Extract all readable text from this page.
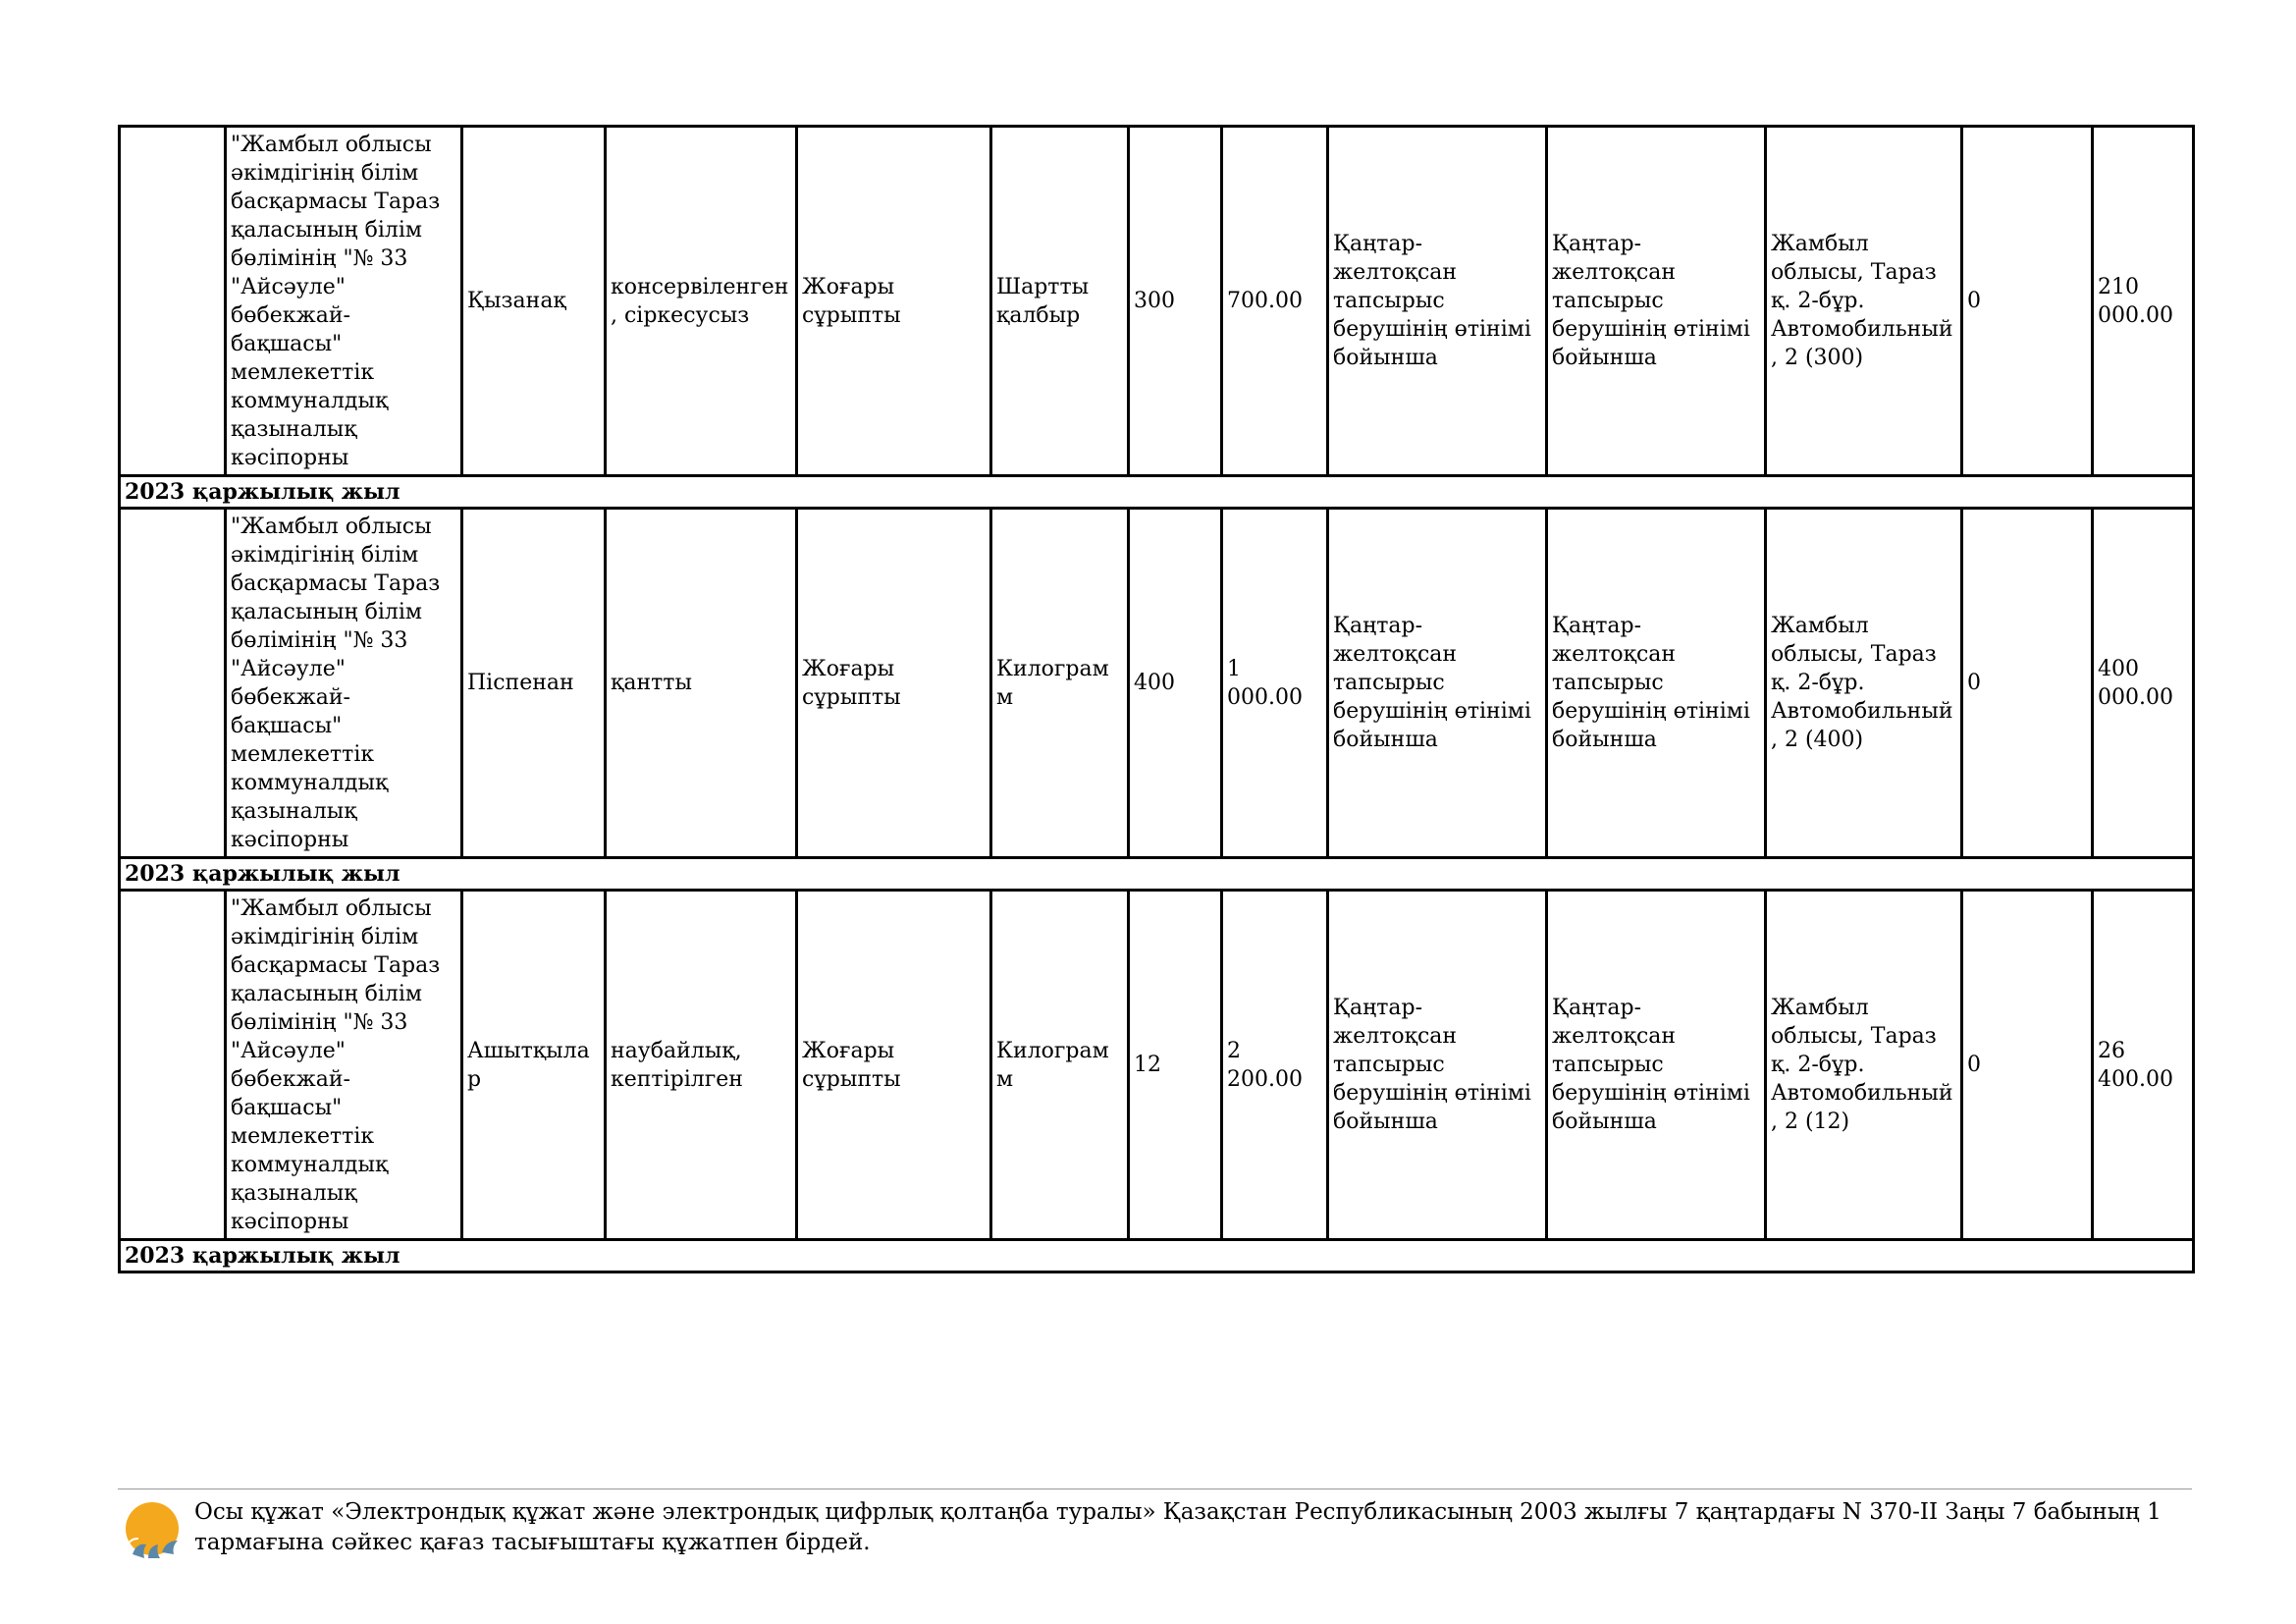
	"Жамбыл облысы әкімдігінің білім басқармасы Тараз қаласының білім бөлімінің "№ 33 "Айсәуле" бөбекжай-бақшасы" мемлекеттік коммуналдық қазыналық кәсіпорны	Қызанақ	консервіленген, сіркесусыз	Жоғары сұрыпты	Шартты қалбыр	300	700.00	Қаңтар-желтоқсан тапсырыс берушінің өтінімі бойынша	Қаңтар-желтоқсан тапсырыс берушінің өтінімі бойынша	Жамбыл облысы, Тараз қ. 2-бұр. Автомобильный, 2 (300)	0	210 000.00
2023 қаржылық жыл												
	"Жамбыл облысы әкімдігінің білім басқармасы Тараз қаласының білім бөлімінің "№ 33 "Айсәуле" бөбекжай-бақшасы" мемлекеттік коммуналдық қазыналық кәсіпорны	Піспенан	қантты	Жоғары сұрыпты	Килограмм	400	1 000.00	Қаңтар-желтоқсан тапсырыс берушінің өтінімі бойынша	Қаңтар-желтоқсан тапсырыс берушінің өтінімі бойынша	Жамбыл облысы, Тараз қ. 2-бұр. Автомобильный, 2 (400)	0	400 000.00
2023 қаржылық жыл												
	"Жамбыл облысы әкімдігінің білім басқармасы Тараз қаласының білім бөлімінің "№ 33 "Айсәуле" бөбекжай-бақшасы" мемлекеттік коммуналдық қазыналық кәсіпорны	Ашытқылар	наубайлық, кептірілген	Жоғары сұрыпты	Килограмм	12	2 200.00	Қаңтар-желтоқсан тапсырыс берушінің өтінімі бойынша	Қаңтар-желтоқсан тапсырыс берушінің өтінімі бойынша	Жамбыл облысы, Тараз қ. 2-бұр. Автомобильный, 2 (12)	0	26 400.00
2023 қаржылық жыл												
Осы құжат «Электрондық құжат және электрондық цифрлық қолтаңба туралы» Қазақстан Республикасының 2003 жылғы 7 қаңтардағы N 370-II Заңы 7 бабының 1 тармағына сәйкес қағаз тасығыштағы құжатпен бірдей.
